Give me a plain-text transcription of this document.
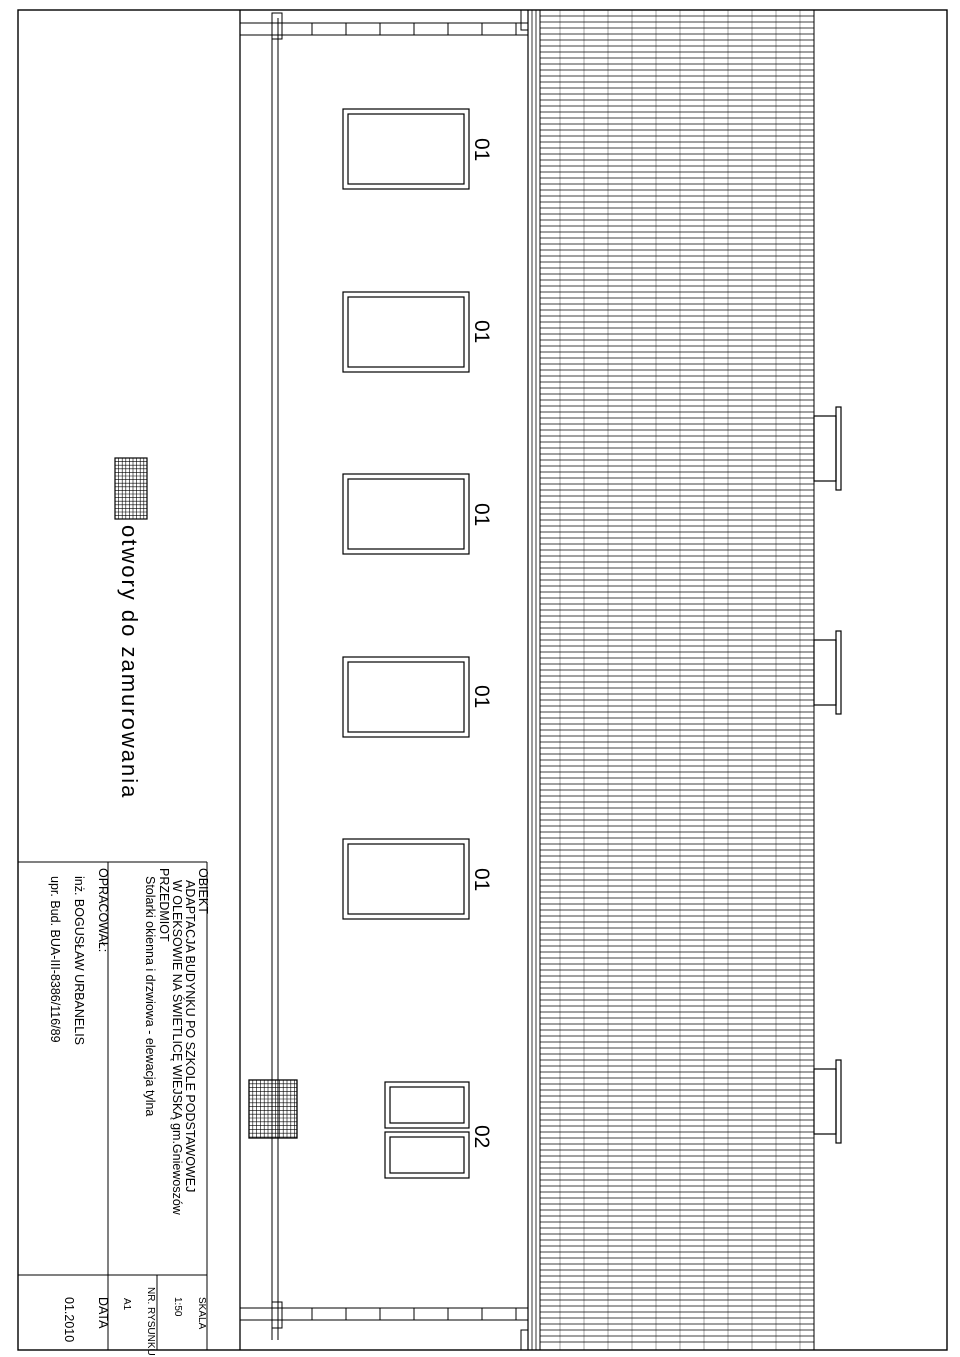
OBIEKT
ADAPTACJA BUDYNKU PO SZKOLE PODSTAWOWEJ
W OLEKSOWIE NA ŚWIETLICĘ WIEJSKĄ gm.Gniewoszów
PRZEDMIOT
Stolarki okienna i drzwiowa - elewacja tylna
OPRACOWAŁ:
inż. BOGUSŁAW URBANELIS
upr. Bud. BUA-III-8386/116/89
SKALA
1:50
NR. RYSUNKU
A1
DATA
01.2010
otwory do zamurowania
01
01
01
01
01
02
